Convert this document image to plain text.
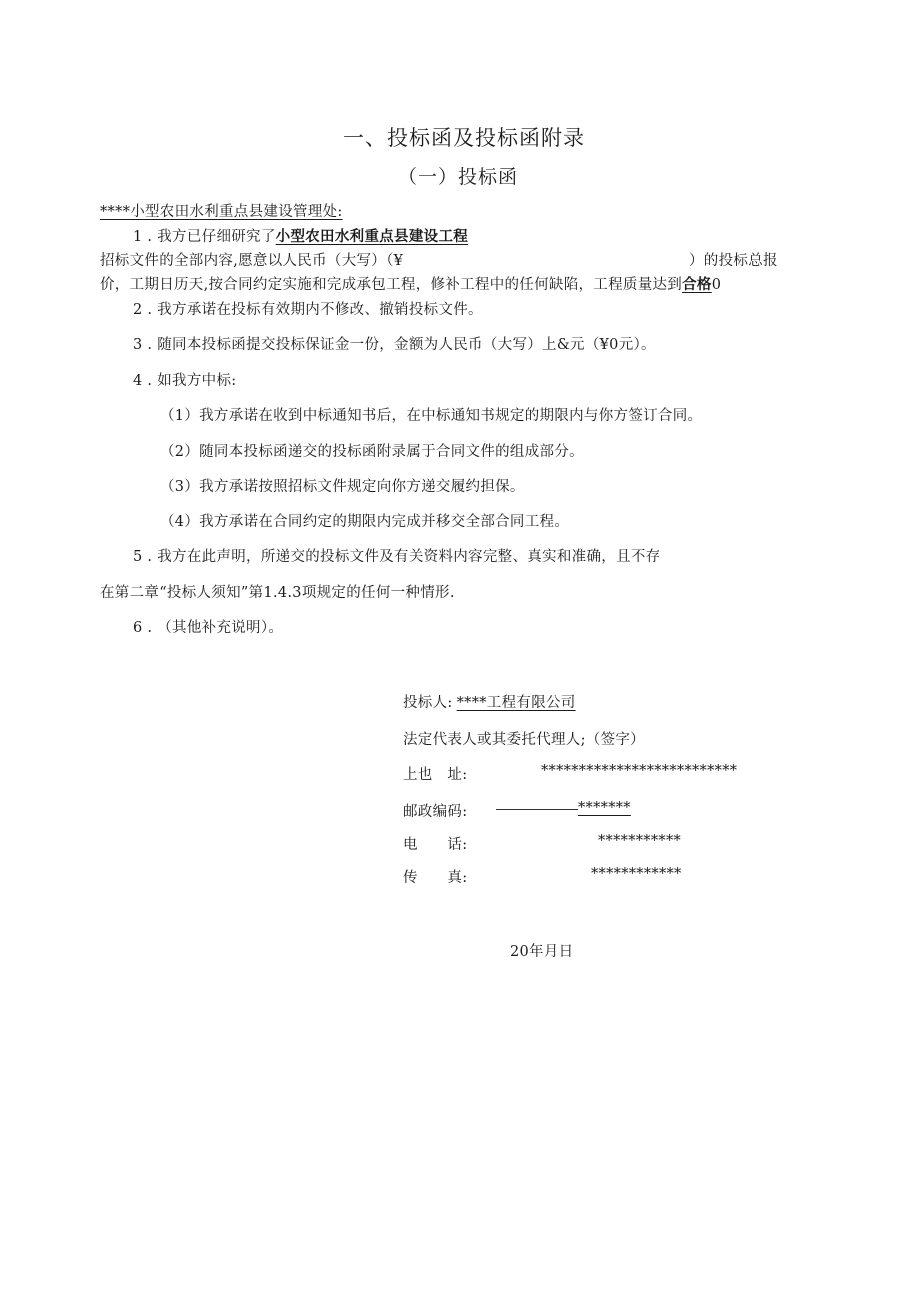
一、投标函及投标函附录
（一）投标函
****小型农田水利重点县建设管理处:
1 . 我方已仔细研究了小型农田水利重点县建设工程
招标文件的全部内容,愿意以人民币（大写）（¥	）的投标总报
价，工期日历天,按合同约定实施和完成承包工程，修补工程中的任何缺陷，工程质量达到合格0
2 . 我方承诺在投标有效期内不修改、撤销投标文件。
3 . 随同本投标函提交投标保证金一份，金额为人民币（大写）上&元（¥0元）。
4 . 如我方中标:
（1）我方承诺在收到中标通知书后，在中标通知书规定的期限内与你方签订合同。
（2）随同本投标函递交的投标函附录属于合同文件的组成部分。
（3）我方承诺按照招标文件规定向你方递交履约担保。
（4）我方承诺在合同约定的期限内完成并移交全部合同工程。
5 . 我方在此声明，所递交的投标文件及有关资料内容完整、真实和准确，且不存
在第二章“投标人须知”第1.4.3项规定的任何一种情形.
6 . （其他补充说明）。
投标人: ****工程有限公司
法定代表人或其委托代理人;（签字）
上也　址:	**************************
邮政编码:	*******
电　　话:	***********
传　　真:	************
20年月日
